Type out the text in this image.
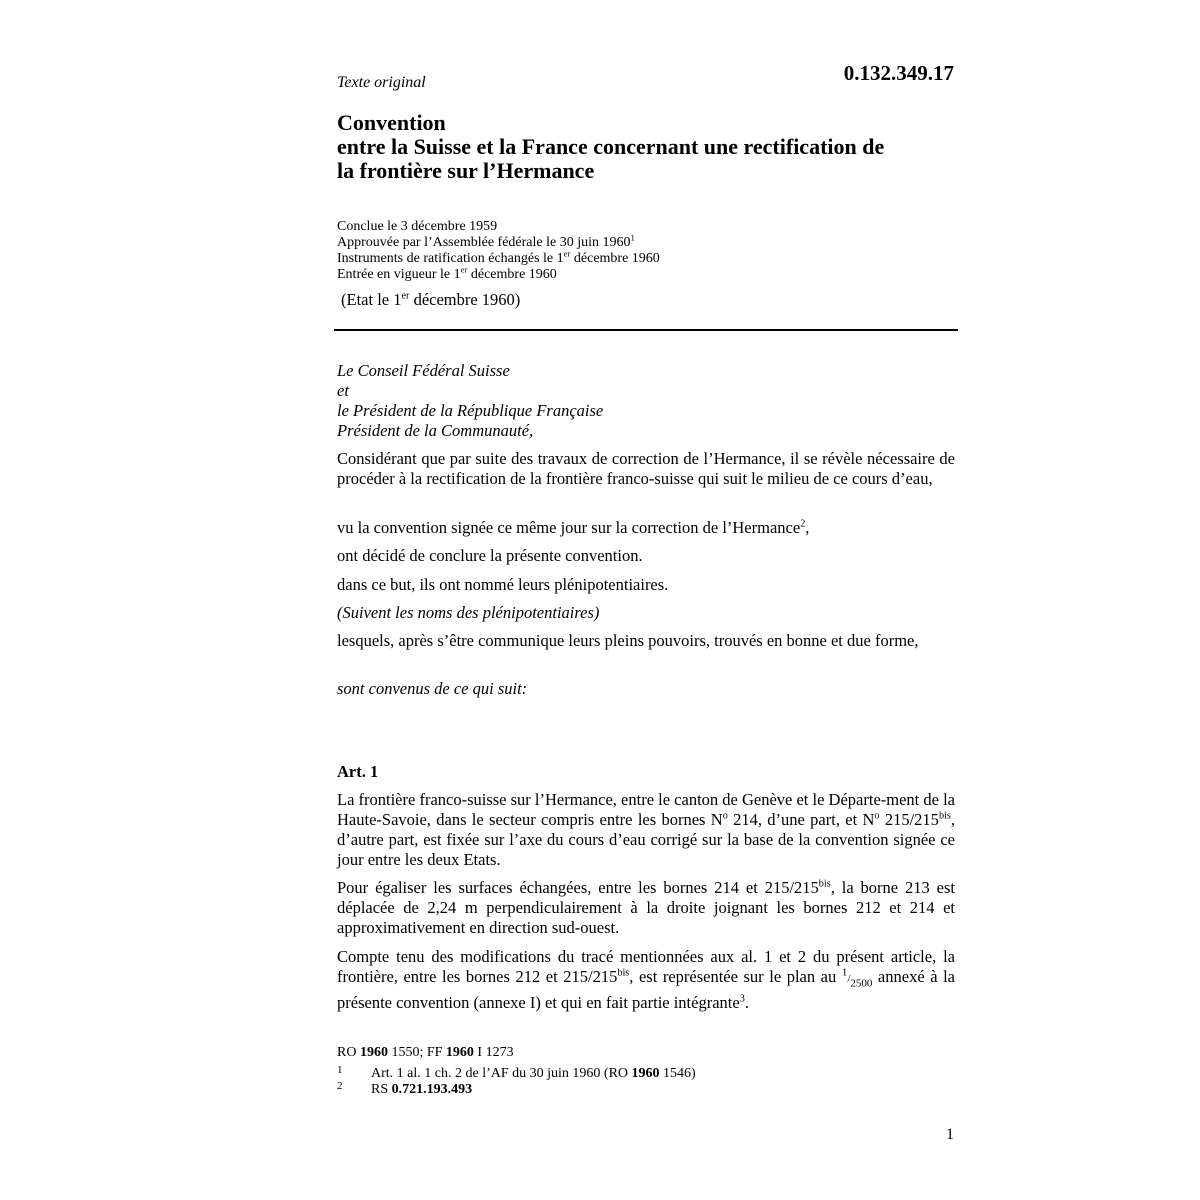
Texte original	0.132.349.17
Convention
entre la Suisse et la France concernant une rectification de
la frontière sur l’Hermance
Conclue le 3 décembre 1959
Approuvée par l’Assemblée fédérale le 30 juin 1960$^1$
Instruments de ratification échangés le 1er décembre 1960
Entrée en vigueur le 1er décembre 1960
(Etat le 1er décembre 1960)
Le Conseil Fédéral Suisse
et
le Président de la République Française
Président de la Communauté,
Considérant que par suite des travaux de correction de l’Hermance, il se révèle nécessaire de procéder à la rectification de la frontière franco-suisse qui suit le milieu de ce cours d’eau,
vu la convention signée ce même jour sur la correction de l’Hermance$^2$,
ont décidé de conclure la présente convention.
dans ce but, ils ont nommé leurs plénipotentiaires.
(Suivent les noms des plénipotentiaires)
lesquels, après s’être communique leurs pleins pouvoirs, trouvés en bonne et due forme,
sont convenus de ce qui suit:
Art. 1
La frontière franco-suisse sur l’Hermance, entre le canton de Genève et le Départe-ment de la Haute-Savoie, dans le secteur compris entre les bornes $N^o$ 214, d’une part, et $N^o$ $215/215^{bis}$, d’autre part, est fixée sur l’axe du cours d’eau corrigé sur la base de la convention signée ce jour entre les deux Etats.
Pour égaliser les surfaces échangées, entre les bornes 214 et $215/215^{bis}$, la borne 213 est déplacée de 2,24 m perpendiculairement à la droite joignant les bornes 212 et 214 et approximativement en direction sud-ouest.
Compte tenu des modifications du tracé mentionnées aux al. 1 et 2 du présent article, la frontière, entre les bornes 212 et $215/215^{bis}$, est représentée sur le plan au $^1/_{2500}$ annexé à la présente convention (annexe I) et qui en fait partie intégrante$^3$.
RO 1960 1550; FF 1960 I 1273
1 Art. 1 al. 1 ch. 2 de l’AF du 30 juin 1960 (RO 1960 1546)
2 RS 0.721.193.493
1
